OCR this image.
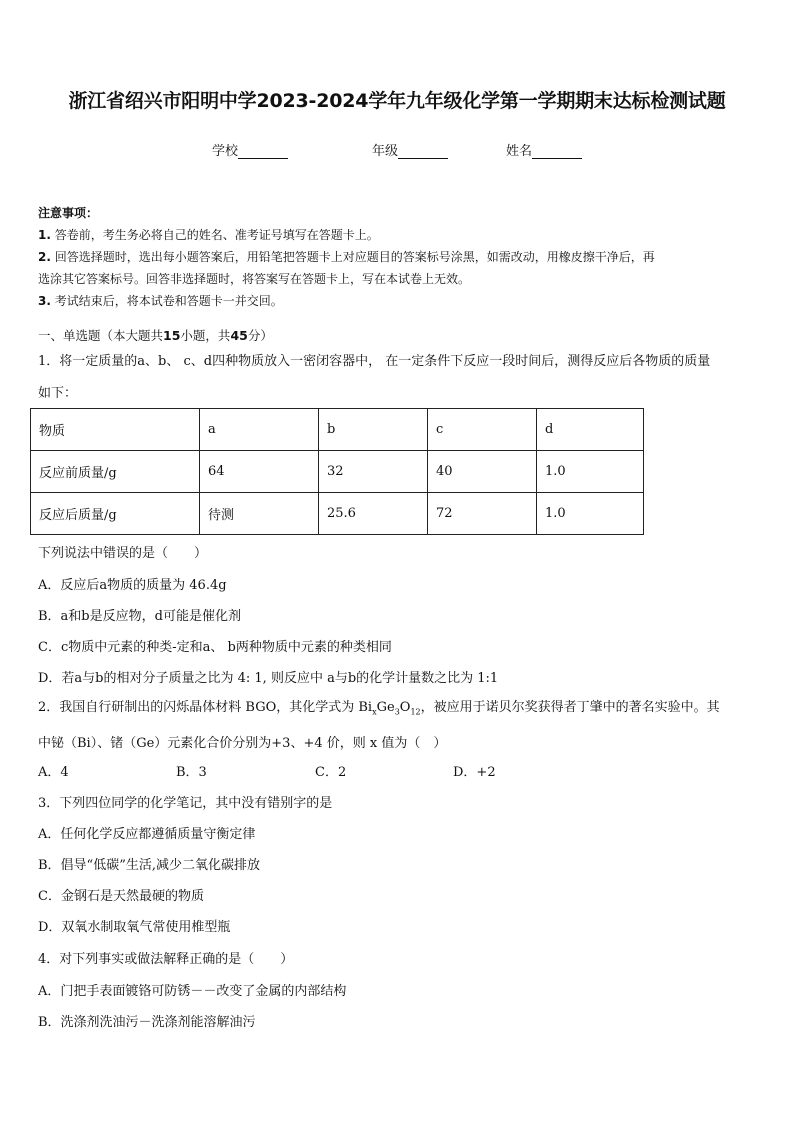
浙江省绍兴市阳明中学2023-2024学年九年级化学第一学期期末达标检测试题
学校	年级	姓名
注意事项：
1. 答卷前，考生务必将自己的姓名、准考证号填写在答题卡上。
2. 回答选择题时，选出每小题答案后，用铅笔把答题卡上对应题目的答案标号涂黑，如需改动，用橡皮擦干净后，再
选涂其它答案标号。回答非选择题时，将答案写在答题卡上，写在本试卷上无效。
3. 考试结束后，将本试卷和答题卡一并交回。
一、单选题（本大题共15小题，共45分）
1．将一定质量的a、b、 c、d四种物质放入一密闭容器中， 在一定条件下反应一段时间后，测得反应后各物质的质量
如下：
物质	a	b	c	d
反应前质量/g	64	32	40	1.0
反应后质量/g	待测	25.6	72	1.0
下列说法中错误的是（　　）
A．反应后a物质的质量为 46.4g
B．a和b是反应物，d可能是催化剂
C．c物质中元素的种类-定和a、 b两种物质中元素的种类相同
D．若a与b的相对分子质量之比为 4: 1, 则反应中 a与b的化学计量数之比为 1:1
2．我国自行研制出的闪烁晶体材料 BGO，其化学式为 $Bi_xGe_3O_{12}$，被应用于诺贝尔奖获得者丁肇中的著名实验中。其
中铋（Bi）、锗（Ge）元素化合价分别为+3、+4 价，则 x 值为（　）
A．4	B．3	C．2	D．+2
3．下列四位同学的化学笔记，其中没有错别字的是
A．任何化学反应都遵循质量守衡定律
B．倡导“低碳”生活,减少二氧化碳排放
C．金钢石是天然最硬的物质
D．双氧水制取氧气常使用椎型瓶
4．对下列事实或做法解释正确的是（　　）
A．门把手表面镀铬可防锈－－改变了金属的内部结构
B．洗涤剂洗油污－洗涤剂能溶解油污
